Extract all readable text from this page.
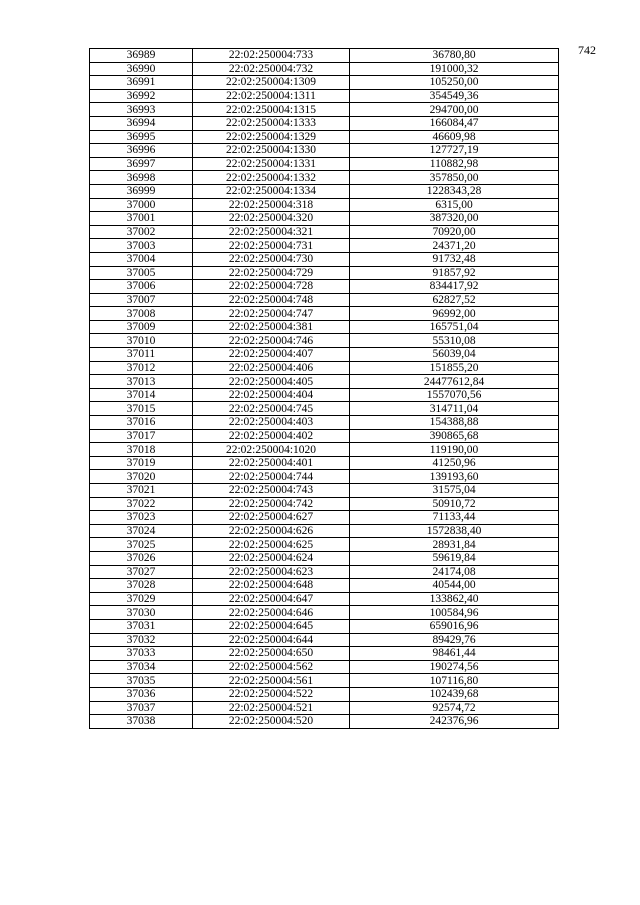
742
36989	22:02:250004:733	36780,80
36990	22:02:250004:732	191000,32
36991	22:02:250004:1309	105250,00
36992	22:02:250004:1311	354549,36
36993	22:02:250004:1315	294700,00
36994	22:02:250004:1333	166084,47
36995	22:02:250004:1329	46609,98
36996	22:02:250004:1330	127727,19
36997	22:02:250004:1331	110882,98
36998	22:02:250004:1332	357850,00
36999	22:02:250004:1334	1228343,28
37000	22:02:250004:318	6315,00
37001	22:02:250004:320	387320,00
37002	22:02:250004:321	70920,00
37003	22:02:250004:731	24371,20
37004	22:02:250004:730	91732,48
37005	22:02:250004:729	91857,92
37006	22:02:250004:728	834417,92
37007	22:02:250004:748	62827,52
37008	22:02:250004:747	96992,00
37009	22:02:250004:381	165751,04
37010	22:02:250004:746	55310,08
37011	22:02:250004:407	56039,04
37012	22:02:250004:406	151855,20
37013	22:02:250004:405	24477612,84
37014	22:02:250004:404	1557070,56
37015	22:02:250004:745	314711,04
37016	22:02:250004:403	154388,88
37017	22:02:250004:402	390865,68
37018	22:02:250004:1020	119190,00
37019	22:02:250004:401	41250,96
37020	22:02:250004:744	139193,60
37021	22:02:250004:743	31575,04
37022	22:02:250004:742	50910,72
37023	22:02:250004:627	71133,44
37024	22:02:250004:626	1572838,40
37025	22:02:250004:625	28931,84
37026	22:02:250004:624	59619,84
37027	22:02:250004:623	24174,08
37028	22:02:250004:648	40544,00
37029	22:02:250004:647	133862,40
37030	22:02:250004:646	100584,96
37031	22:02:250004:645	659016,96
37032	22:02:250004:644	89429,76
37033	22:02:250004:650	98461,44
37034	22:02:250004:562	190274,56
37035	22:02:250004:561	107116,80
37036	22:02:250004:522	102439,68
37037	22:02:250004:521	92574,72
37038	22:02:250004:520	242376,96
